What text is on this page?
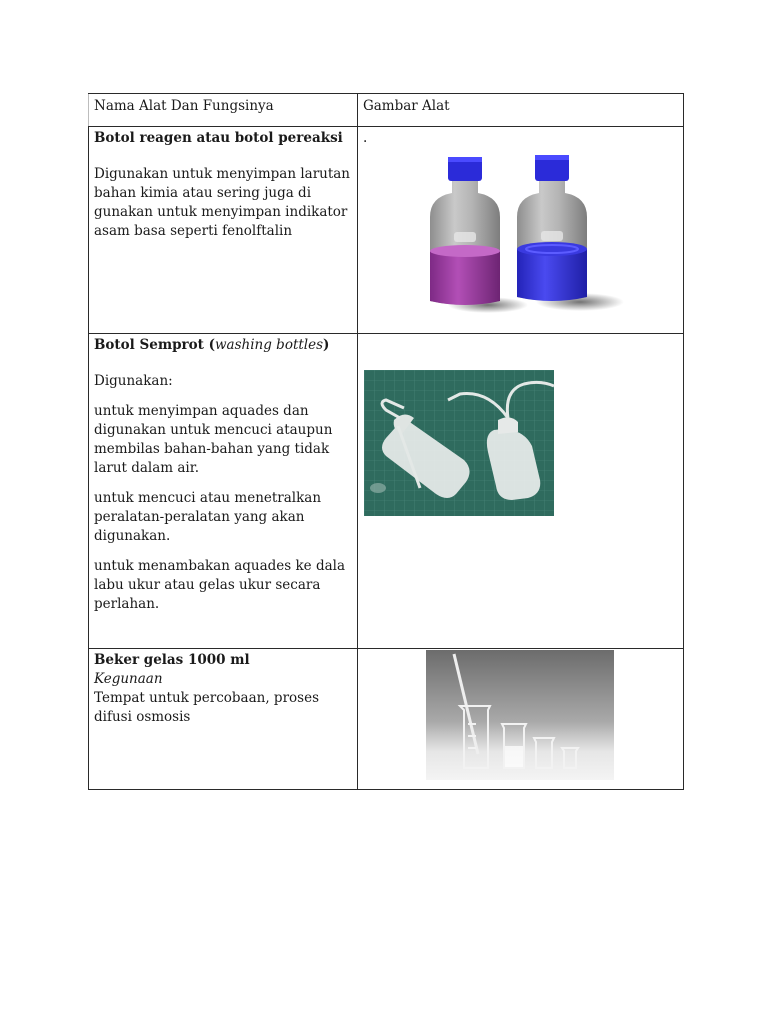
Nama Alat Dan Fungsinya	Gambar Alat

Botol reagen atau botol pereaksi

Digunakan untuk menyimpan larutan bahan kimia atau sering juga di gunakan untuk menyimpan indikator asam basa seperti fenolftalin	.

Botol Semprot (washing bottles)

Digunakan:

untuk menyimpan aquades dan digunakan untuk mencuci ataupun membilas bahan-bahan yang tidak larut dalam air.

untuk mencuci atau menetralkan peralatan-peralatan yang akan digunakan.

untuk menambakan aquades ke dala labu ukur atau gelas ukur secara perlahan.

Beker gelas 1000 ml

Kegunaan

Tempat untuk percobaan, proses difusi osmosis
